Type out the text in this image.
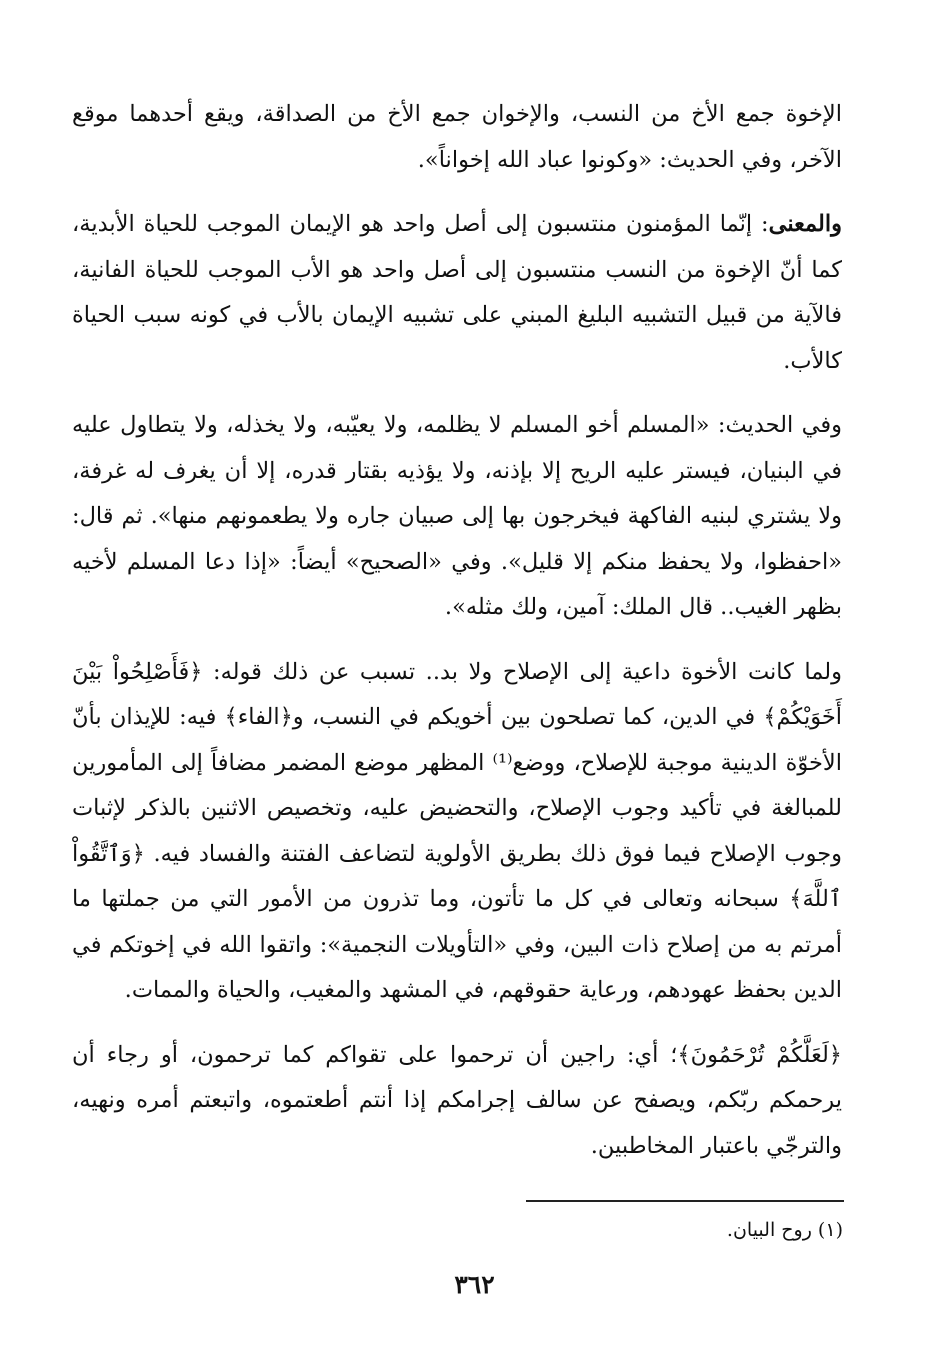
الإخوة جمع الأخ من النسب، والإخوان جمع الأخ من الصداقة، ويقع أحدهما موقع الآخر، وفي الحديث: «وكونوا عباد الله إخواناً».

والمعنى: إنّما المؤمنون منتسبون إلى أصل واحد هو الإيمان الموجب للحياة الأبدية، كما أنّ الإخوة من النسب منتسبون إلى أصل واحد هو الأب الموجب للحياة الفانية، فالآية من قبيل التشبيه البليغ المبني على تشبيه الإيمان بالأب في كونه سبب الحياة كالأب.

وفي الحديث: «المسلم أخو المسلم لا يظلمه، ولا يعيّبه، ولا يخذله، ولا يتطاول عليه في البنيان، فيستر عليه الريح إلا بإذنه، ولا يؤذيه بقتار قدره، إلا أن يغرف له غرفة، ولا يشتري لبنيه الفاكهة فيخرجون بها إلى صبيان جاره ولا يطعمونهم منها». ثم قال: «احفظوا، ولا يحفظ منكم إلا قليل». وفي «الصحيح» أيضاً: «إذا دعا المسلم لأخيه بظهر الغيب.. قال الملك: آمين، ولك مثله».

ولما كانت الأخوة داعية إلى الإصلاح ولا بد.. تسبب عن ذلك قوله: ﴿فَأَصْلِحُواْ بَيْنَ أَخَوَيْكُمْ﴾ في الدين، كما تصلحون بين أخويكم في النسب، و﴿الفاء﴾ فيه: للإيذان بأنّ الأخوّة الدينية موجبة للإصلاح، ووضع⁽¹⁾ المظهر موضع المضمر مضافاً إلى المأمورين للمبالغة في تأكيد وجوب الإصلاح، والتحضيض عليه، وتخصيص الاثنين بالذكر لإثبات وجوب الإصلاح فيما فوق ذلك بطريق الأولوية لتضاعف الفتنة والفساد فيه. ﴿وَٱتَّقُواْ ٱللَّهَ﴾ سبحانه وتعالى في كل ما تأتون، وما تذرون من الأمور التي من جملتها ما أمرتم به من إصلاح ذات البين، وفي «التأويلات النجمية»: واتقوا الله في إخوتكم في الدين بحفظ عهودهم، ورعاية حقوقهم، في المشهد والمغيب، والحياة والممات.

﴿لَعَلَّكُمْ تُرْحَمُونَ﴾؛ أي: راجين أن ترحموا على تقواكم كما ترحمون، أو رجاء أن يرحمكم ربّكم، ويصفح عن سالف إجرامكم إذا أنتم أطعتموه، واتبعتم أمره ونهيه، والترجّي باعتبار المخاطبين.

(١) روح البيان.
٣٦٢
